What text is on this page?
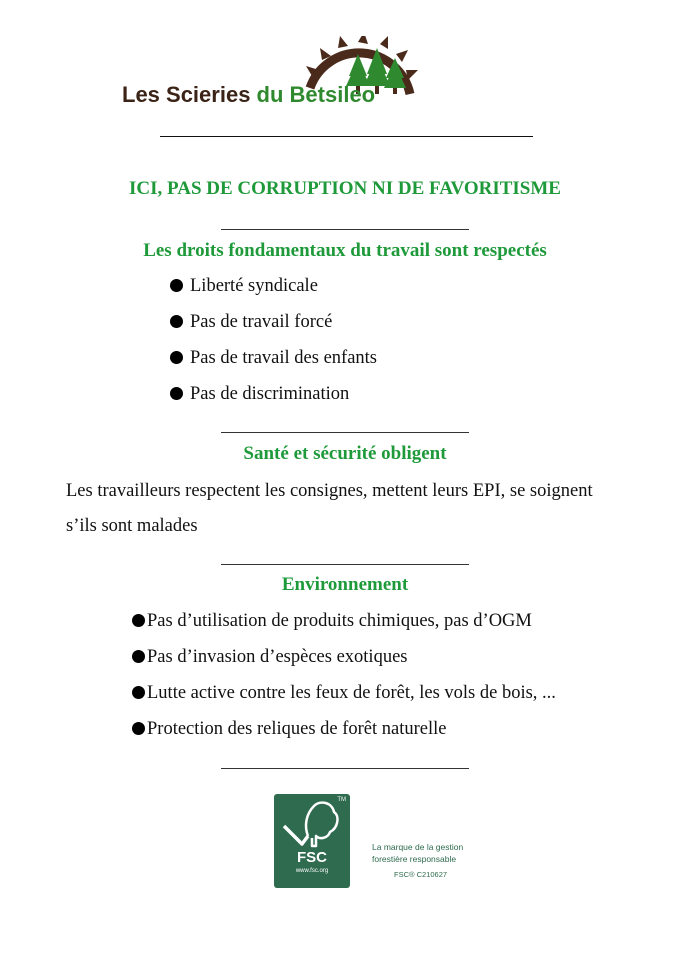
Les Scieries du Betsileo
ICI, PAS DE CORRUPTION NI DE FAVORITISME
Les droits fondamentaux du travail sont respectés
Liberté syndicale
Pas de travail forcé
Pas de travail des enfants
Pas de discrimination
Santé et sécurité obligent
Les travailleurs respectent les consignes, mettent leurs EPI, se soignent s’ils sont malades
Environnement
Pas d’utilisation de produits chimiques, pas d’OGM
Pas d’invasion d’espèces exotiques
Lutte active contre les feux de forêt, les vols de bois, ...
Protection des reliques de forêt naturelle
TM
FSC
www.fsc.org
La marque de la gestion
forestière responsable
FSC® C210627
